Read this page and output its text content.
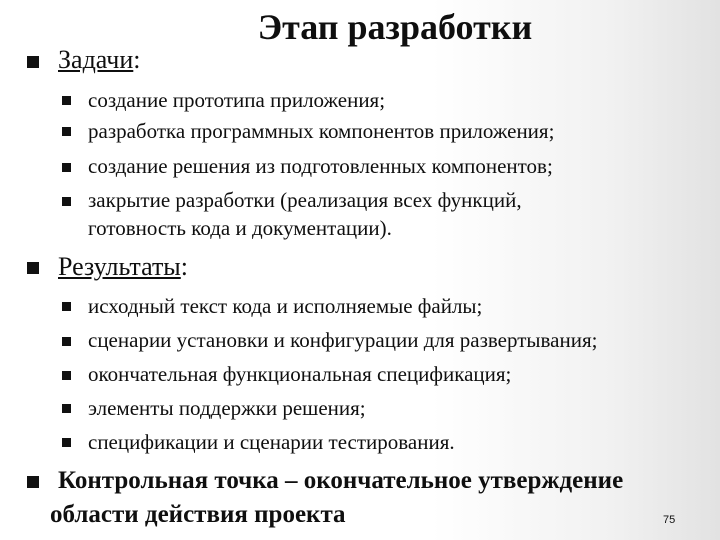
Этап разработки
Задачи:
создание прототипа приложения;
разработка программных компонентов приложения;
создание решения из подготовленных компонентов;
закрытие разработки (реализация всех функций,
готовность кода и документации).
Результаты:
исходный текст кода и исполняемые файлы;
сценарии установки и конфигурации для развертывания;
окончательная функциональная спецификация;
элементы поддержки решения;
спецификации и сценарии тестирования.
Контрольная точка – окончательное утверждение
области действия проекта	75
